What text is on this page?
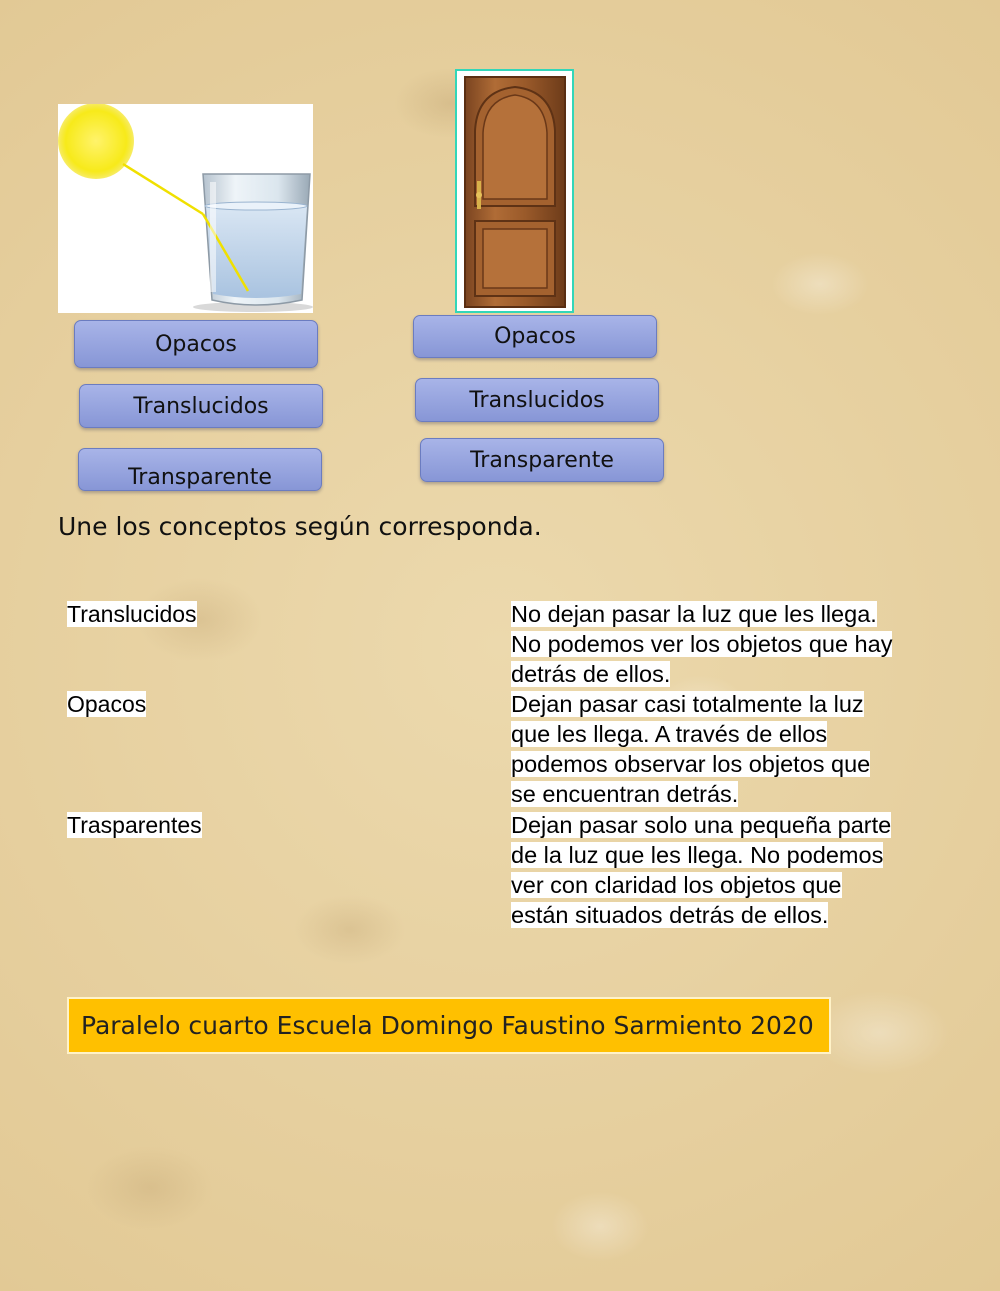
Opacos
Translucidos
Transparente
Opacos
Translucidos
Transparente
Une los conceptos según corresponda.
Translucidos
Opacos
Trasparentes
No dejan pasar la luz que les llega.
No podemos ver los objetos que hay
detrás de ellos.
Dejan pasar casi totalmente la luz
que les llega. A través de ellos
podemos observar los objetos que
se encuentran detrás.
Dejan pasar solo una pequeña parte
de la luz que les llega. No podemos
ver con claridad los objetos que
están situados detrás de ellos.
Paralelo cuarto Escuela Domingo Faustino Sarmiento 2020
